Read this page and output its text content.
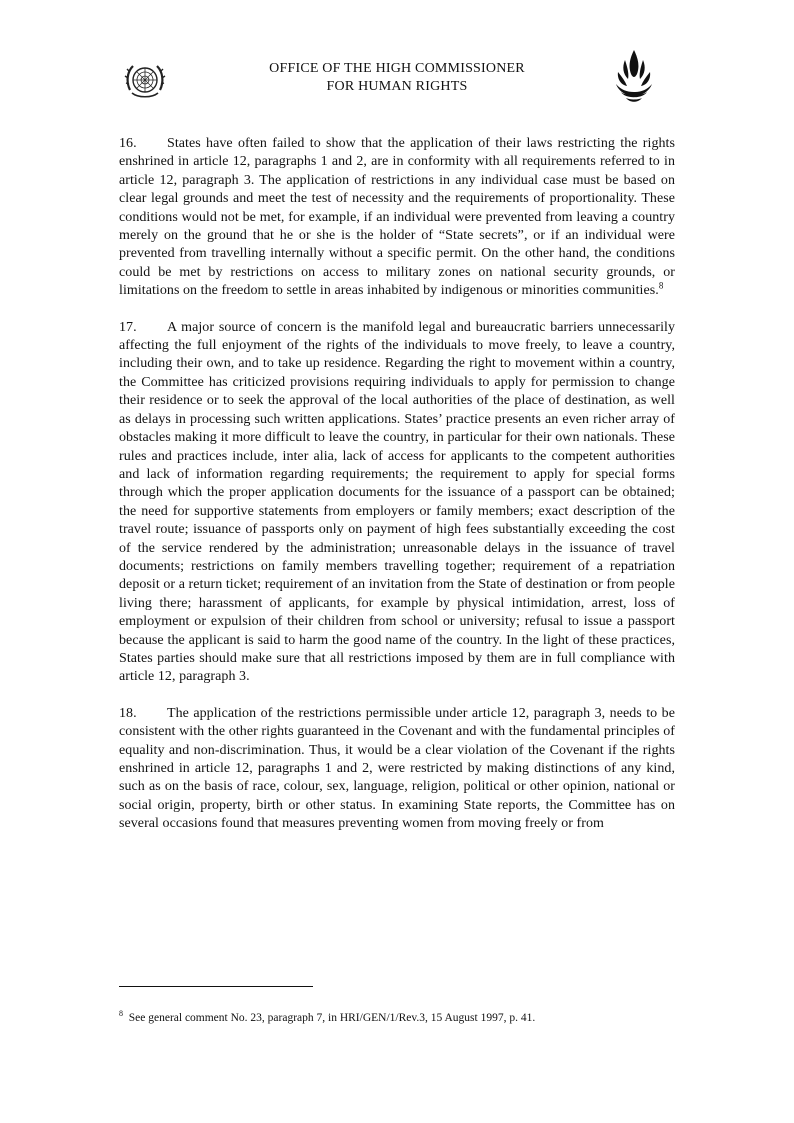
OFFICE OF THE HIGH COMMISSIONER
FOR HUMAN RIGHTS

16. States have often failed to show that the application of their laws restricting the rights enshrined in article 12, paragraphs 1 and 2, are in conformity with all requirements referred to in article 12, paragraph 3. The application of restrictions in any individual case must be based on clear legal grounds and meet the test of necessity and the requirements of proportionality. These conditions would not be met, for example, if an individual were prevented from leaving a country merely on the ground that he or she is the holder of “State secrets”, or if an individual were prevented from travelling internally without a specific permit. On the other hand, the conditions could be met by restrictions on access to military zones on national security grounds, or limitations on the freedom to settle in areas inhabited by indigenous or minorities communities.$^8$

17. A major source of concern is the manifold legal and bureaucratic barriers unnecessarily affecting the full enjoyment of the rights of the individuals to move freely, to leave a country, including their own, and to take up residence. Regarding the right to movement within a country, the Committee has criticized provisions requiring individuals to apply for permission to change their residence or to seek the approval of the local authorities of the place of destination, as well as delays in processing such written applications. States’ practice presents an even richer array of obstacles making it more difficult to leave the country, in particular for their own nationals. These rules and practices include, inter alia, lack of access for applicants to the competent authorities and lack of information regarding requirements; the requirement to apply for special forms through which the proper application documents for the issuance of a passport can be obtained; the need for supportive statements from employers or family members; exact description of the travel route; issuance of passports only on payment of high fees substantially exceeding the cost of the service rendered by the administration; unreasonable delays in the issuance of travel documents; restrictions on family members travelling together; requirement of a repatriation deposit or a return ticket; requirement of an invitation from the State of destination or from people living there; harassment of applicants, for example by physical intimidation, arrest, loss of employment or expulsion of their children from school or university; refusal to issue a passport because the applicant is said to harm the good name of the country. In the light of these practices, States parties should make sure that all restrictions imposed by them are in full compliance with article 12, paragraph 3.

18. The application of the restrictions permissible under article 12, paragraph 3, needs to be consistent with the other rights guaranteed in the Covenant and with the fundamental principles of equality and non-discrimination. Thus, it would be a clear violation of the Covenant if the rights enshrined in article 12, paragraphs 1 and 2, were restricted by making distinctions of any kind, such as on the basis of race, colour, sex, language, religion, political or other opinion, national or social origin, property, birth or other status. In examining State reports, the Committee has on several occasions found that measures preventing women from moving freely or from

$^8$ See general comment No. 23, paragraph 7, in HRI/GEN/1/Rev.3, 15 August 1997, p. 41.
